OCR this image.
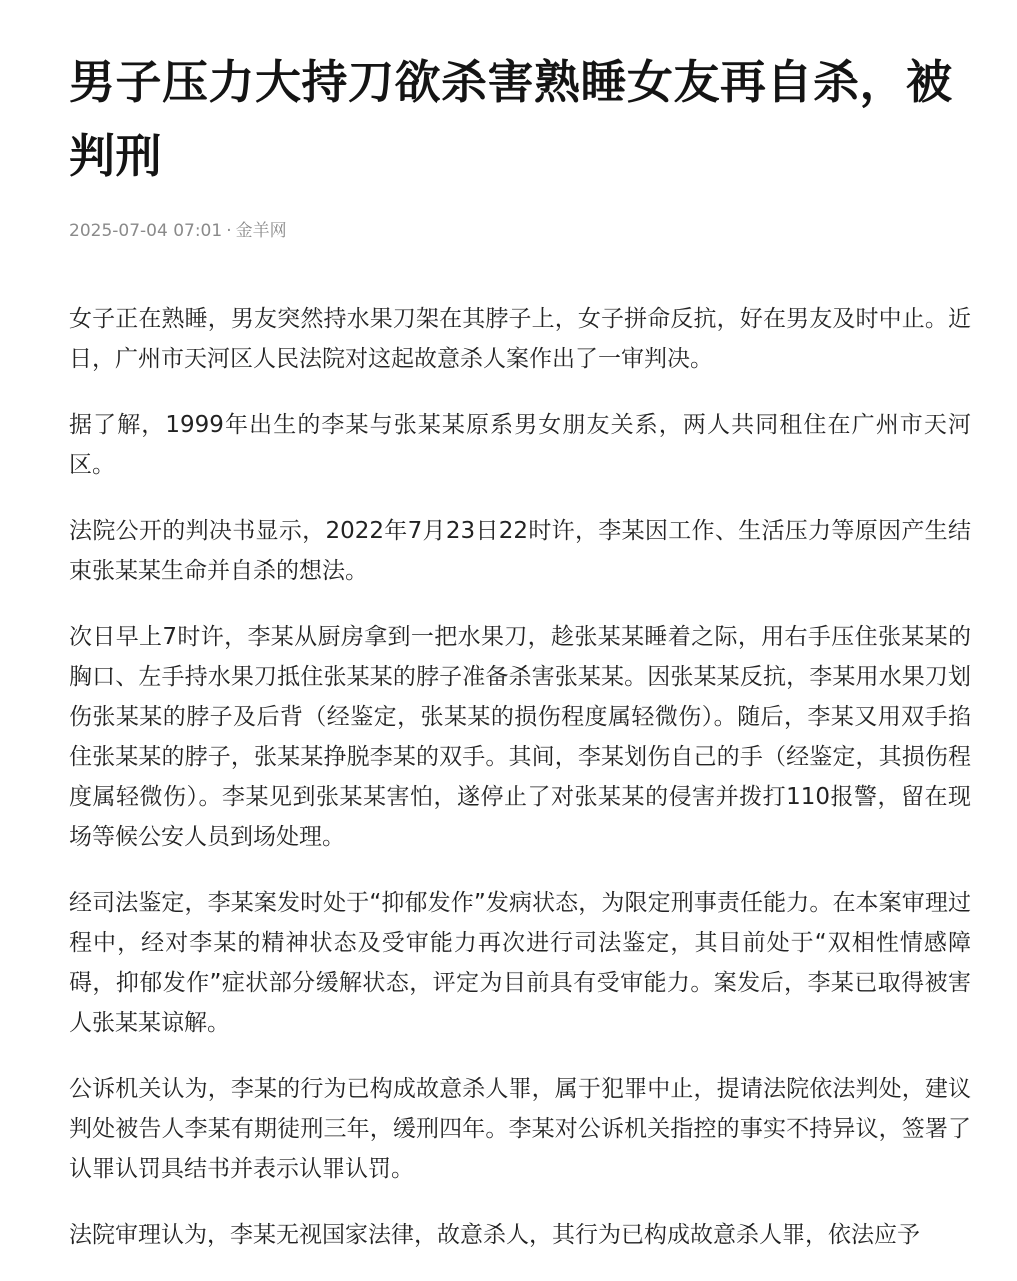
男子压力大持刀欲杀害熟睡女友再自杀，被判刑
2025-07-04 07:01 · 金羊网

女子正在熟睡，男友突然持水果刀架在其脖子上，女子拼命反抗，好在男友及时中止。近日，广州市天河区人民法院对这起故意杀人案作出了一审判决。

据了解，1999年出生的李某与张某某原系男女朋友关系，两人共同租住在广州市天河区。

法院公开的判决书显示，2022年7月23日22时许，李某因工作、生活压力等原因产生结束张某某生命并自杀的想法。

次日早上7时许，李某从厨房拿到一把水果刀，趁张某某睡着之际，用右手压住张某某的胸口、左手持水果刀抵住张某某的脖子准备杀害张某某。因张某某反抗，李某用水果刀划伤张某某的脖子及后背（经鉴定，张某某的损伤程度属轻微伤）。随后，李某又用双手掐住张某某的脖子，张某某挣脱李某的双手。其间，李某划伤自己的手（经鉴定，其损伤程度属轻微伤）。李某见到张某某害怕，遂停止了对张某某的侵害并拨打110报警，留在现场等候公安人员到场处理。

经司法鉴定，李某案发时处于“抑郁发作”发病状态，为限定刑事责任能力。在本案审理过程中，经对李某的精神状态及受审能力再次进行司法鉴定，其目前处于“双相性情感障碍，抑郁发作”症状部分缓解状态，评定为目前具有受审能力。案发后，李某已取得被害人张某某谅解。

公诉机关认为，李某的行为已构成故意杀人罪，属于犯罪中止，提请法院依法判处，建议判处被告人李某有期徒刑三年，缓刑四年。李某对公诉机关指控的事实不持异议，签署了认罪认罚具结书并表示认罪认罚。

法院审理认为，李某无视国家法律，故意杀人，其行为已构成故意杀人罪，依法应予
